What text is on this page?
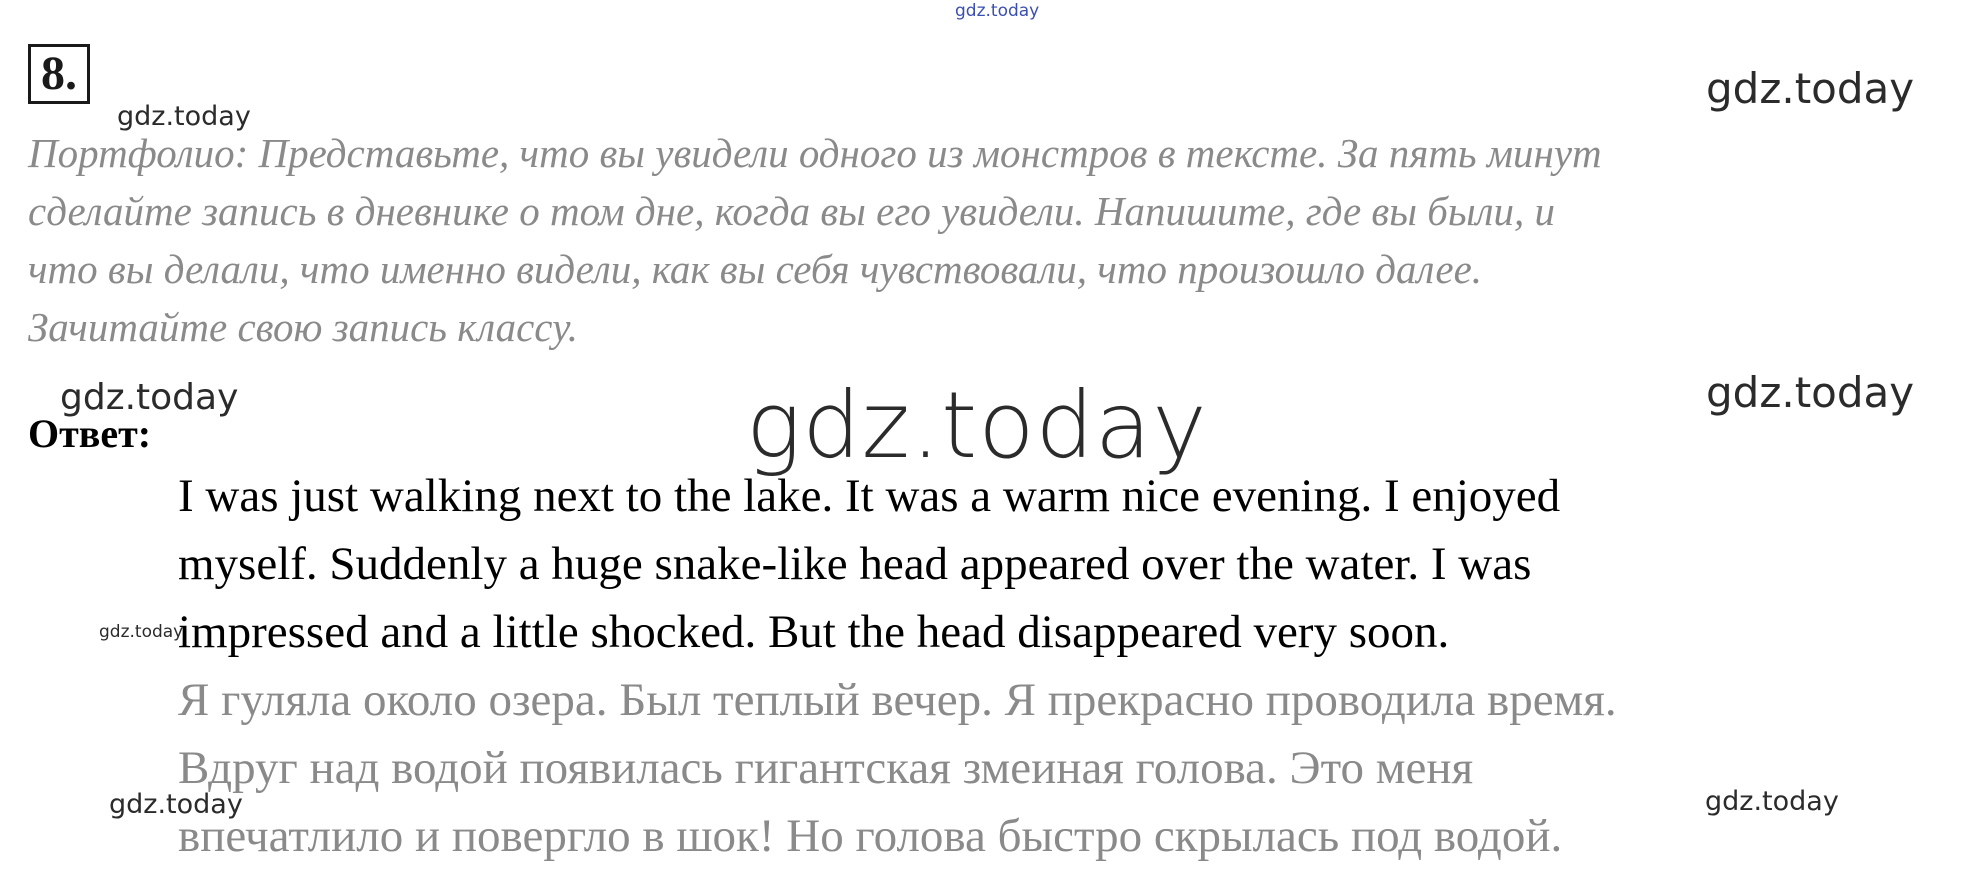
gdz.today
gdz.today
gdz.today
gdz.today	gdz.today
8.
Портфолио: Представьте, что вы увидели одного из монстров в тексте. За пять минут
сделайте запись в дневнике о том дне, когда вы его увидели. Напишите, где вы были, и
что вы делали, что именно видели, как вы себя чувствовали, что произошло далее.
Зачитайте свою запись классу.
Ответ:
I was just walking next to the lake. It was a warm nice evening. I enjoyed
myself. Suddenly a huge snake-like head appeared over the water. I was
impressed and a little shocked. But the head disappeared very soon.
Я гуляла около озера. Был теплый вечер. Я прекрасно проводила время.
Вдруг над водой появилась гигантская змеиная голова. Это меня
впечатлило и повергло в шок! Но голова быстро скрылась под водой.
gdz.today
gdz.today
gdz.today	gdz.today
